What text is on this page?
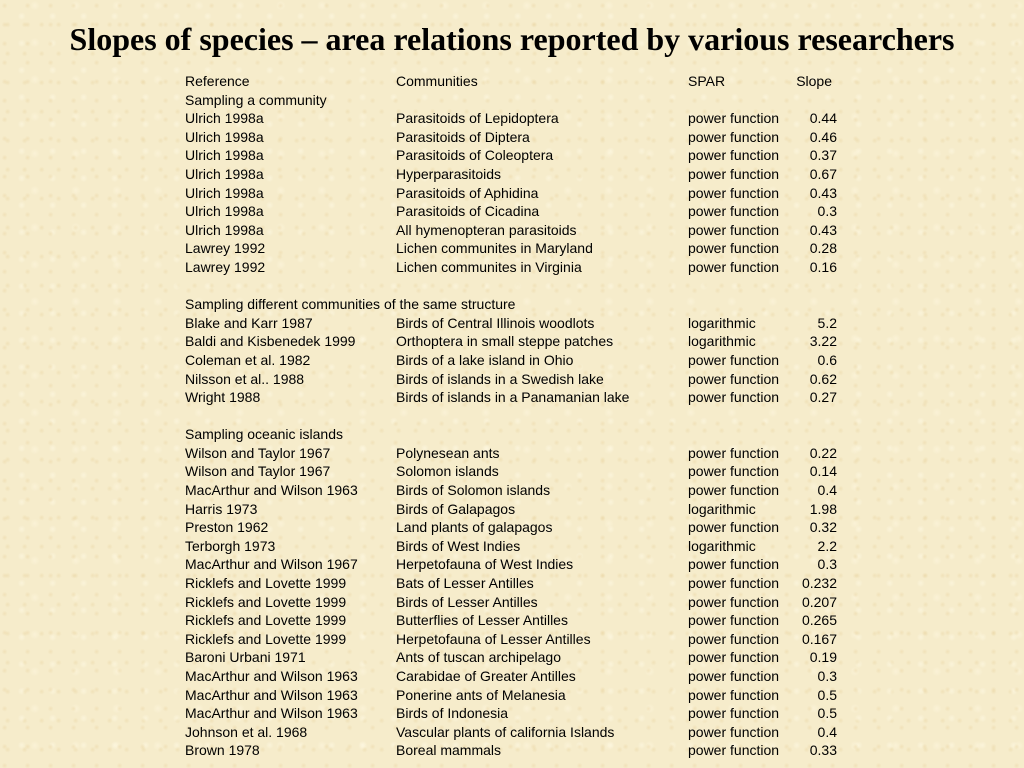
Slopes of species – area relations reported by various researchers
Reference	Communities	SPAR	Slope
Sampling a community
Ulrich 1998a	Parasitoids of Lepidoptera	power function 0.44
Ulrich 1998a	Parasitoids of Diptera	power function 0.46
Ulrich 1998a	Parasitoids of Coleoptera	power function 0.37
Ulrich 1998a	Hyperparasitoids	power function 0.67
Ulrich 1998a	Parasitoids of Aphidina	power function 0.43
Ulrich 1998a	Parasitoids of Cicadina	power function	0.3
Ulrich 1998a	All hymenopteran parasitoids	power function 0.43
Lawrey 1992	Lichen communites in Maryland	power function 0.28
Lawrey 1992	Lichen communites in Virginia	power function 0.16
Sampling different communities of the same structure
Blake and Karr 1987	Birds of Central Illinois woodlots	logarithmic	5.2
Baldi and Kisbenedek 1999	Orthoptera in small steppe patches	logarithmic	3.22
Coleman et al. 1982	Birds of a lake island in Ohio	power function	0.6
Nilsson et al.. 1988	Birds of islands in a Swedish lake	power function 0.62
Wright 1988	Birds of islands in a Panamanian lake	power function 0.27
Sampling oceanic islands
Wilson and Taylor 1967	Polynesean ants	power function 0.22
Wilson and Taylor 1967	Solomon islands	power function 0.14
MacArthur and Wilson 1963	Birds of Solomon islands	power function	0.4
Harris 1973	Birds of Galapagos	logarithmic	1.98
Preston 1962	Land plants of galapagos	power function 0.32
Terborgh 1973	Birds of West Indies	logarithmic	2.2
MacArthur and Wilson 1967	Herpetofauna of West Indies	power function	0.3
Ricklefs and Lovette 1999	Bats of Lesser Antilles	power function 0.232
Ricklefs and Lovette 1999	Birds of Lesser Antilles	power function 0.207
Ricklefs and Lovette 1999	Butterflies of Lesser Antilles	power function 0.265
Ricklefs and Lovette 1999	Herpetofauna of Lesser Antilles	power function 0.167
Baroni Urbani 1971	Ants of tuscan archipelago	power function 0.19
MacArthur and Wilson 1963	Carabidae of Greater Antilles	power function	0.3
MacArthur and Wilson 1963	Ponerine ants of Melanesia	power function	0.5
MacArthur and Wilson 1963	Birds of Indonesia	power function	0.5
Johnson et al. 1968	Vascular plants of california Islands	power function	0.4
Brown 1978	Boreal mammals	power function 0.33
